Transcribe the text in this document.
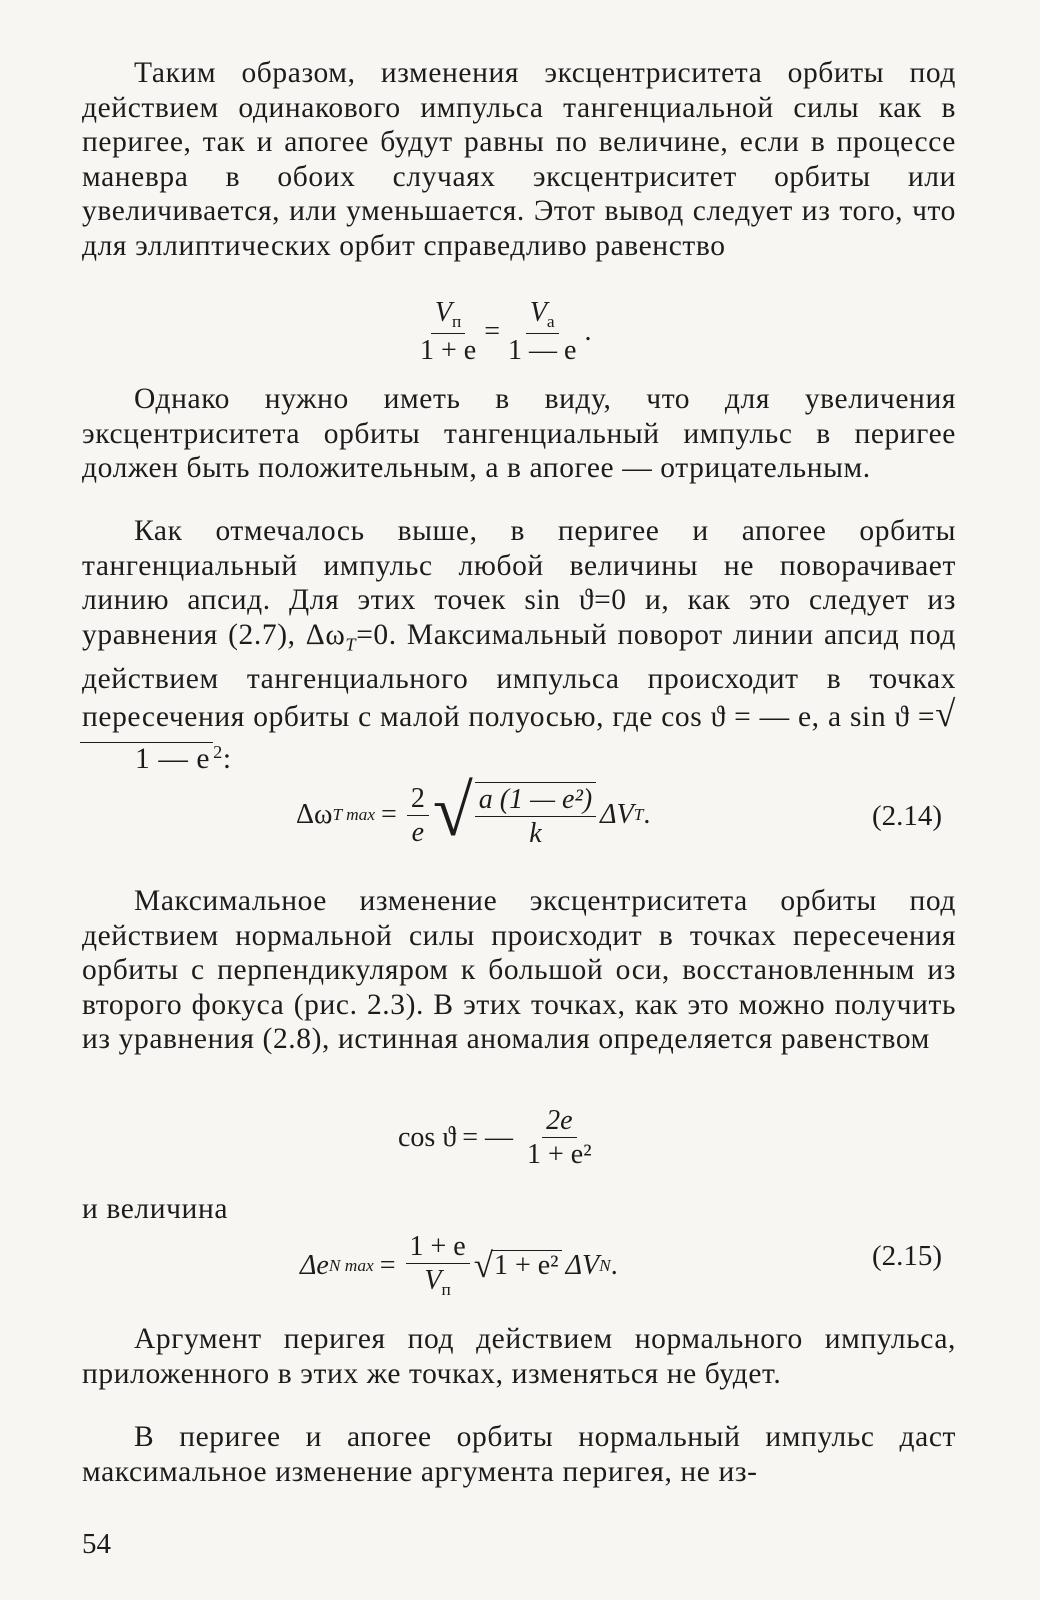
Таким образом, изменения эксцентриситета орбиты под действием одинакового импульса тангенциальной силы как в перигее, так и апогее будут равны по величине, если в процессе маневра в обоих случаях эксцентриситет орбиты или увеличивается, или уменьшается. Этот вывод следует из того, что для эллиптических орбит справедливо равенство

$\frac{V_п}{1 + e} = \frac{V_а}{1 — e}$ .

Однако нужно иметь в виду, что для увеличения эксцентриситета орбиты тангенциальный импульс в перигее должен быть положительным, а в апогее — отрицательным.

Как отмечалось выше, в перигее и апогее орбиты тангенциальный импульс любой величины не поворачивает линию апсид. Для этих точек sin ϑ=0 и, как это следует из уравнения (2.7), $\Delta\omega_T=0$. Максимальный поворот линии апсид под действием тангенциального импульса происходит в точках пересечения орбиты с малой полуосью, где cos ϑ = — e, а sin ϑ =√1 — e $^2$:

Δω T $\max = \frac{2}{e}$ √ $\frac{\text{a (1 — e²)}}{k}$ ΔV T .	(2.14)

Максимальное изменение эксцентриситета орбиты под действием нормальной силы происходит в точках пересечения орбиты с перпендикуляром к большой оси, восстановленным из второго фокуса (рис. 2.3). В этих точках, как это можно получить из уравнения (2.8), истинная аномалия определяется равенством

cos ϑ = — $\frac{2e}{\text{1 + e²}}$

и величина

Δe N $\max = \frac{1 + e}{V_п}$ √ 1 + e² ΔV N .	(2.15)

Аргумент перигея под действием нормального импульса, приложенного в этих же точках, изменяться не будет.

В перигее и апогее орбиты нормальный импульс даст максимальное изменение аргумента перигея, не из-

54
